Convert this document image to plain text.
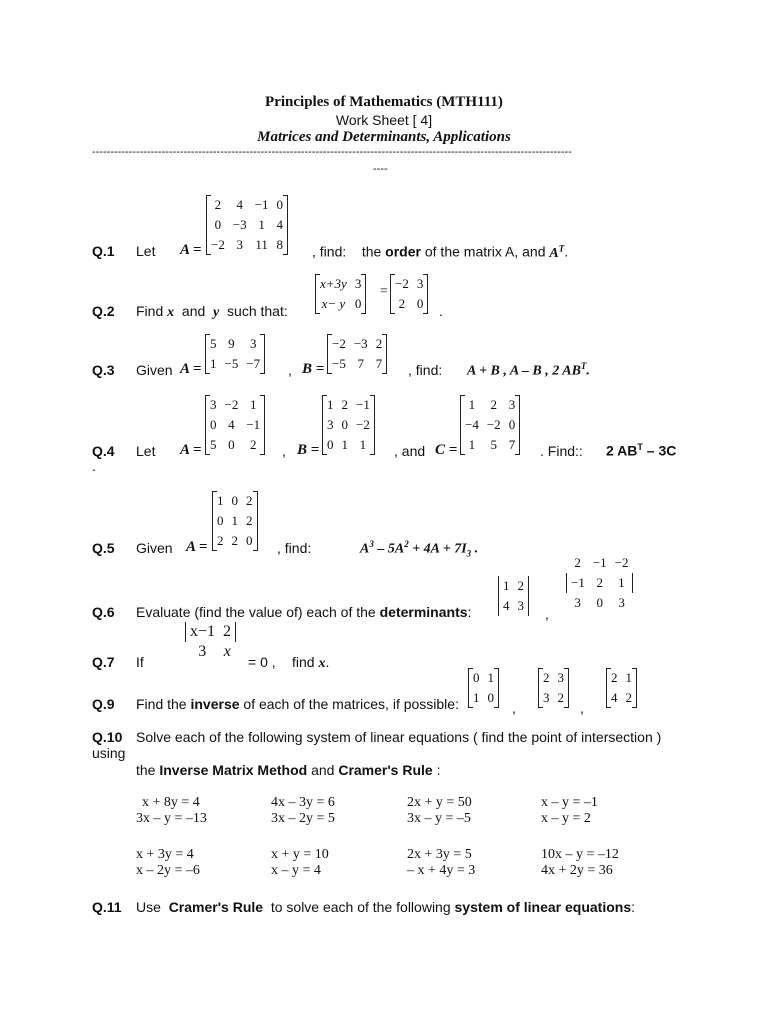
Principles of Mathematics (MTH111)
Work Sheet [ 4]
Matrices and Determinants, Applications
-----------------------------------------------------------------------------------------------------------------------------------
----
Q.1 Let A =
2	4	−1	0
0	−3	1	4
−2	3	11	8 , find: the order of the matrix A, and $A^T$.
Q.2 Find x and y such that:
x+3y	3
x− y	0
=
−2	3
2	0 .
Q.3 Given A =
5	9	3
1	−5	−7 , B =
−2	−3	2
−5	7	7 , find: A + B , A – B , 2 $AB^T$.
Q.4 Let A =
3	−2	1
0	4	−1
5	0	2 , B =
1	2	−1
3	0	−2
0	1	1 , and C =
1	2	3
−4	−2	0
1	5	7 . Find:: 2 $AB^T - 3C$
.
Q.5 Given A =
1	0	2
0	1	2
2	2	0 , find:	$A^3 - 5A^2 + 4A + 7I_3$ .
Q.6 Evaluate (find the value of) each of the determinants:
1	2
4	3
,
2	−1	−2
−1	2	1
3	0	3
Q.7 If
x−1	2
3	x
= 0 , find x.
Q.9 Find the inverse of each of the matrices, if possible:
0	1
1	0
,
2	3
3	2
,
2	1
4	2
Q.10
using
Solve each of the following system of linear equations ( find the point of intersection )
the Inverse Matrix Method and Cramer's Rule :
x + 8y = 4
3x – y = –13
4x – 3y = 6
3x – 2y = 5
2x + y = 50
3x – y = –5
x – y = –1
x – y = 2
x + 3y = 4
x – 2y = –6
x + y = 10
x – y = 4
2x + 3y = 5
– x + 4y = 3
10x – y = –12
4x + 2y = 36
Q.11 Use Cramer's Rule to solve each of the following system of linear equations:
